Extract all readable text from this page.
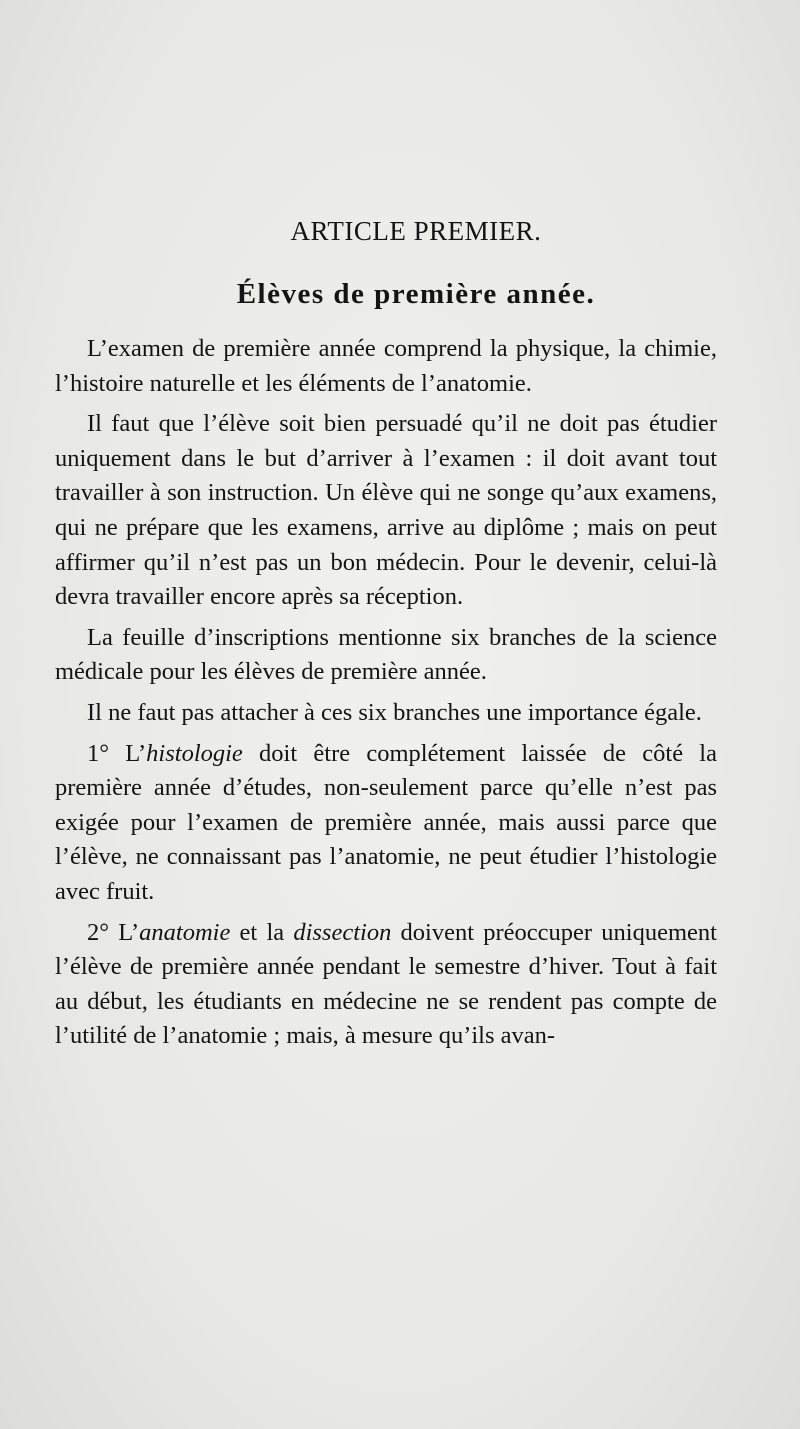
ARTICLE PREMIER.
Élèves de première année.

L’examen de première année comprend la physique, la chimie, l’histoire naturelle et les éléments de l’anatomie.

Il faut que l’élève soit bien persuadé qu’il ne doit pas étudier uniquement dans le but d’arriver à l’examen : il doit avant tout travailler à son instruction. Un élève qui ne songe qu’aux examens, qui ne prépare que les examens, arrive au diplôme ; mais on peut affirmer qu’il n’est pas un bon médecin. Pour le devenir, celui-là devra travailler encore après sa réception.

La feuille d’inscriptions mentionne six branches de la science médicale pour les élèves de première année.

Il ne faut pas attacher à ces six branches une importance égale.

1° L’histologie doit être complétement laissée de côté la première année d’études, non-seulement parce qu’elle n’est pas exigée pour l’examen de première année, mais aussi parce que l’élève, ne connaissant pas l’anatomie, ne peut étudier l’histologie avec fruit.

2° L’anatomie et la dissection doivent préoccuper uniquement l’élève de première année pendant le semestre d’hiver. Tout à fait au début, les étudiants en médecine ne se rendent pas compte de l’utilité de l’anatomie ; mais, à mesure qu’ils avan-
